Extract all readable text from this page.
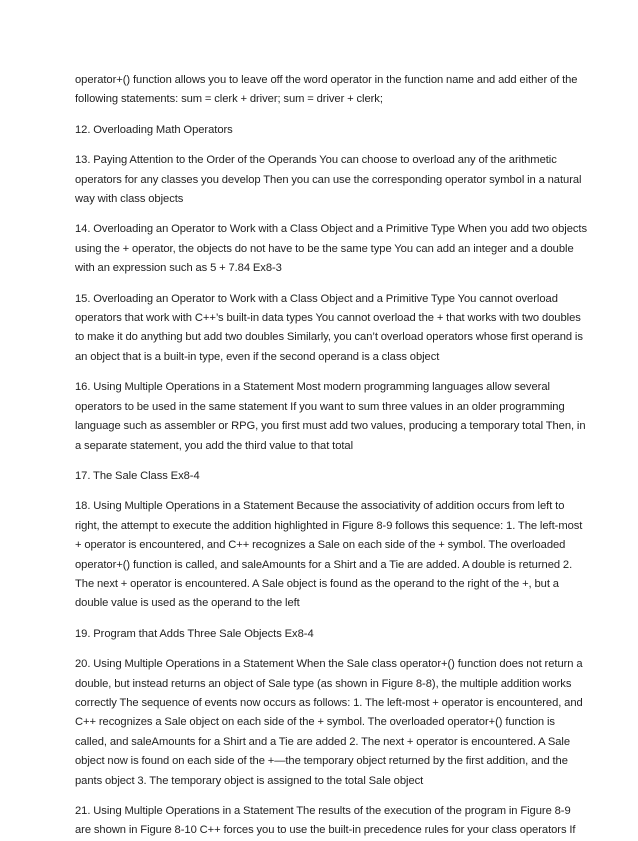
operator+() function allows you to leave off the word operator in the function name and add either of the following statements: sum = clerk + driver; sum = driver + clerk;

12. Overloading Math Operators

13. Paying Attention to the Order of the Operands You can choose to overload any of the arithmetic operators for any classes you develop Then you can use the corresponding operator symbol in a natural way with class objects

14. Overloading an Operator to Work with a Class Object and a Primitive Type When you add two objects using the + operator, the objects do not have to be the same type You can add an integer and a double with an expression such as 5 + 7.84 Ex8-3

15. Overloading an Operator to Work with a Class Object and a Primitive Type You cannot overload operators that work with C++’s built-in data types You cannot overload the + that works with two doubles to make it do anything but add two doubles Similarly, you can’t overload operators whose first operand is an object that is a built-in type, even if the second operand is a class object

16. Using Multiple Operations in a Statement Most modern programming languages allow several operators to be used in the same statement If you want to sum three values in an older programming language such as assembler or RPG, you first must add two values, producing a temporary total Then, in a separate statement, you add the third value to that total

17. The Sale Class Ex8-4

18. Using Multiple Operations in a Statement Because the associativity of addition occurs from left to right, the attempt to execute the addition highlighted in Figure 8-9 follows this sequence: 1. The left-most + operator is encountered, and C++ recognizes a Sale on each side of the + symbol. The overloaded operator+() function is called, and saleAmounts for a Shirt and a Tie are added. A double is returned 2. The next + operator is encountered. A Sale object is found as the operand to the right of the +, but a double value is used as the operand to the left

19. Program that Adds Three Sale Objects Ex8-4

20. Using Multiple Operations in a Statement When the Sale class operator+() function does not return a double, but instead returns an object of Sale type (as shown in Figure 8-8), the multiple addition works correctly The sequence of events now occurs as follows: 1. The left-most + operator is encountered, and C++ recognizes a Sale object on each side of the + symbol. The overloaded operator+() function is called, and saleAmounts for a Shirt and a Tie are added 2. The next + operator is encountered. A Sale object now is found on each side of the +—the temporary object returned by the first addition, and the pants object 3. The temporary object is assigned to the total Sale object

21. Using Multiple Operations in a Statement The results of the execution of the program in Figure 8-9 are shown in Figure 8-10 C++ forces you to use the built-in precedence rules for your class operators If
